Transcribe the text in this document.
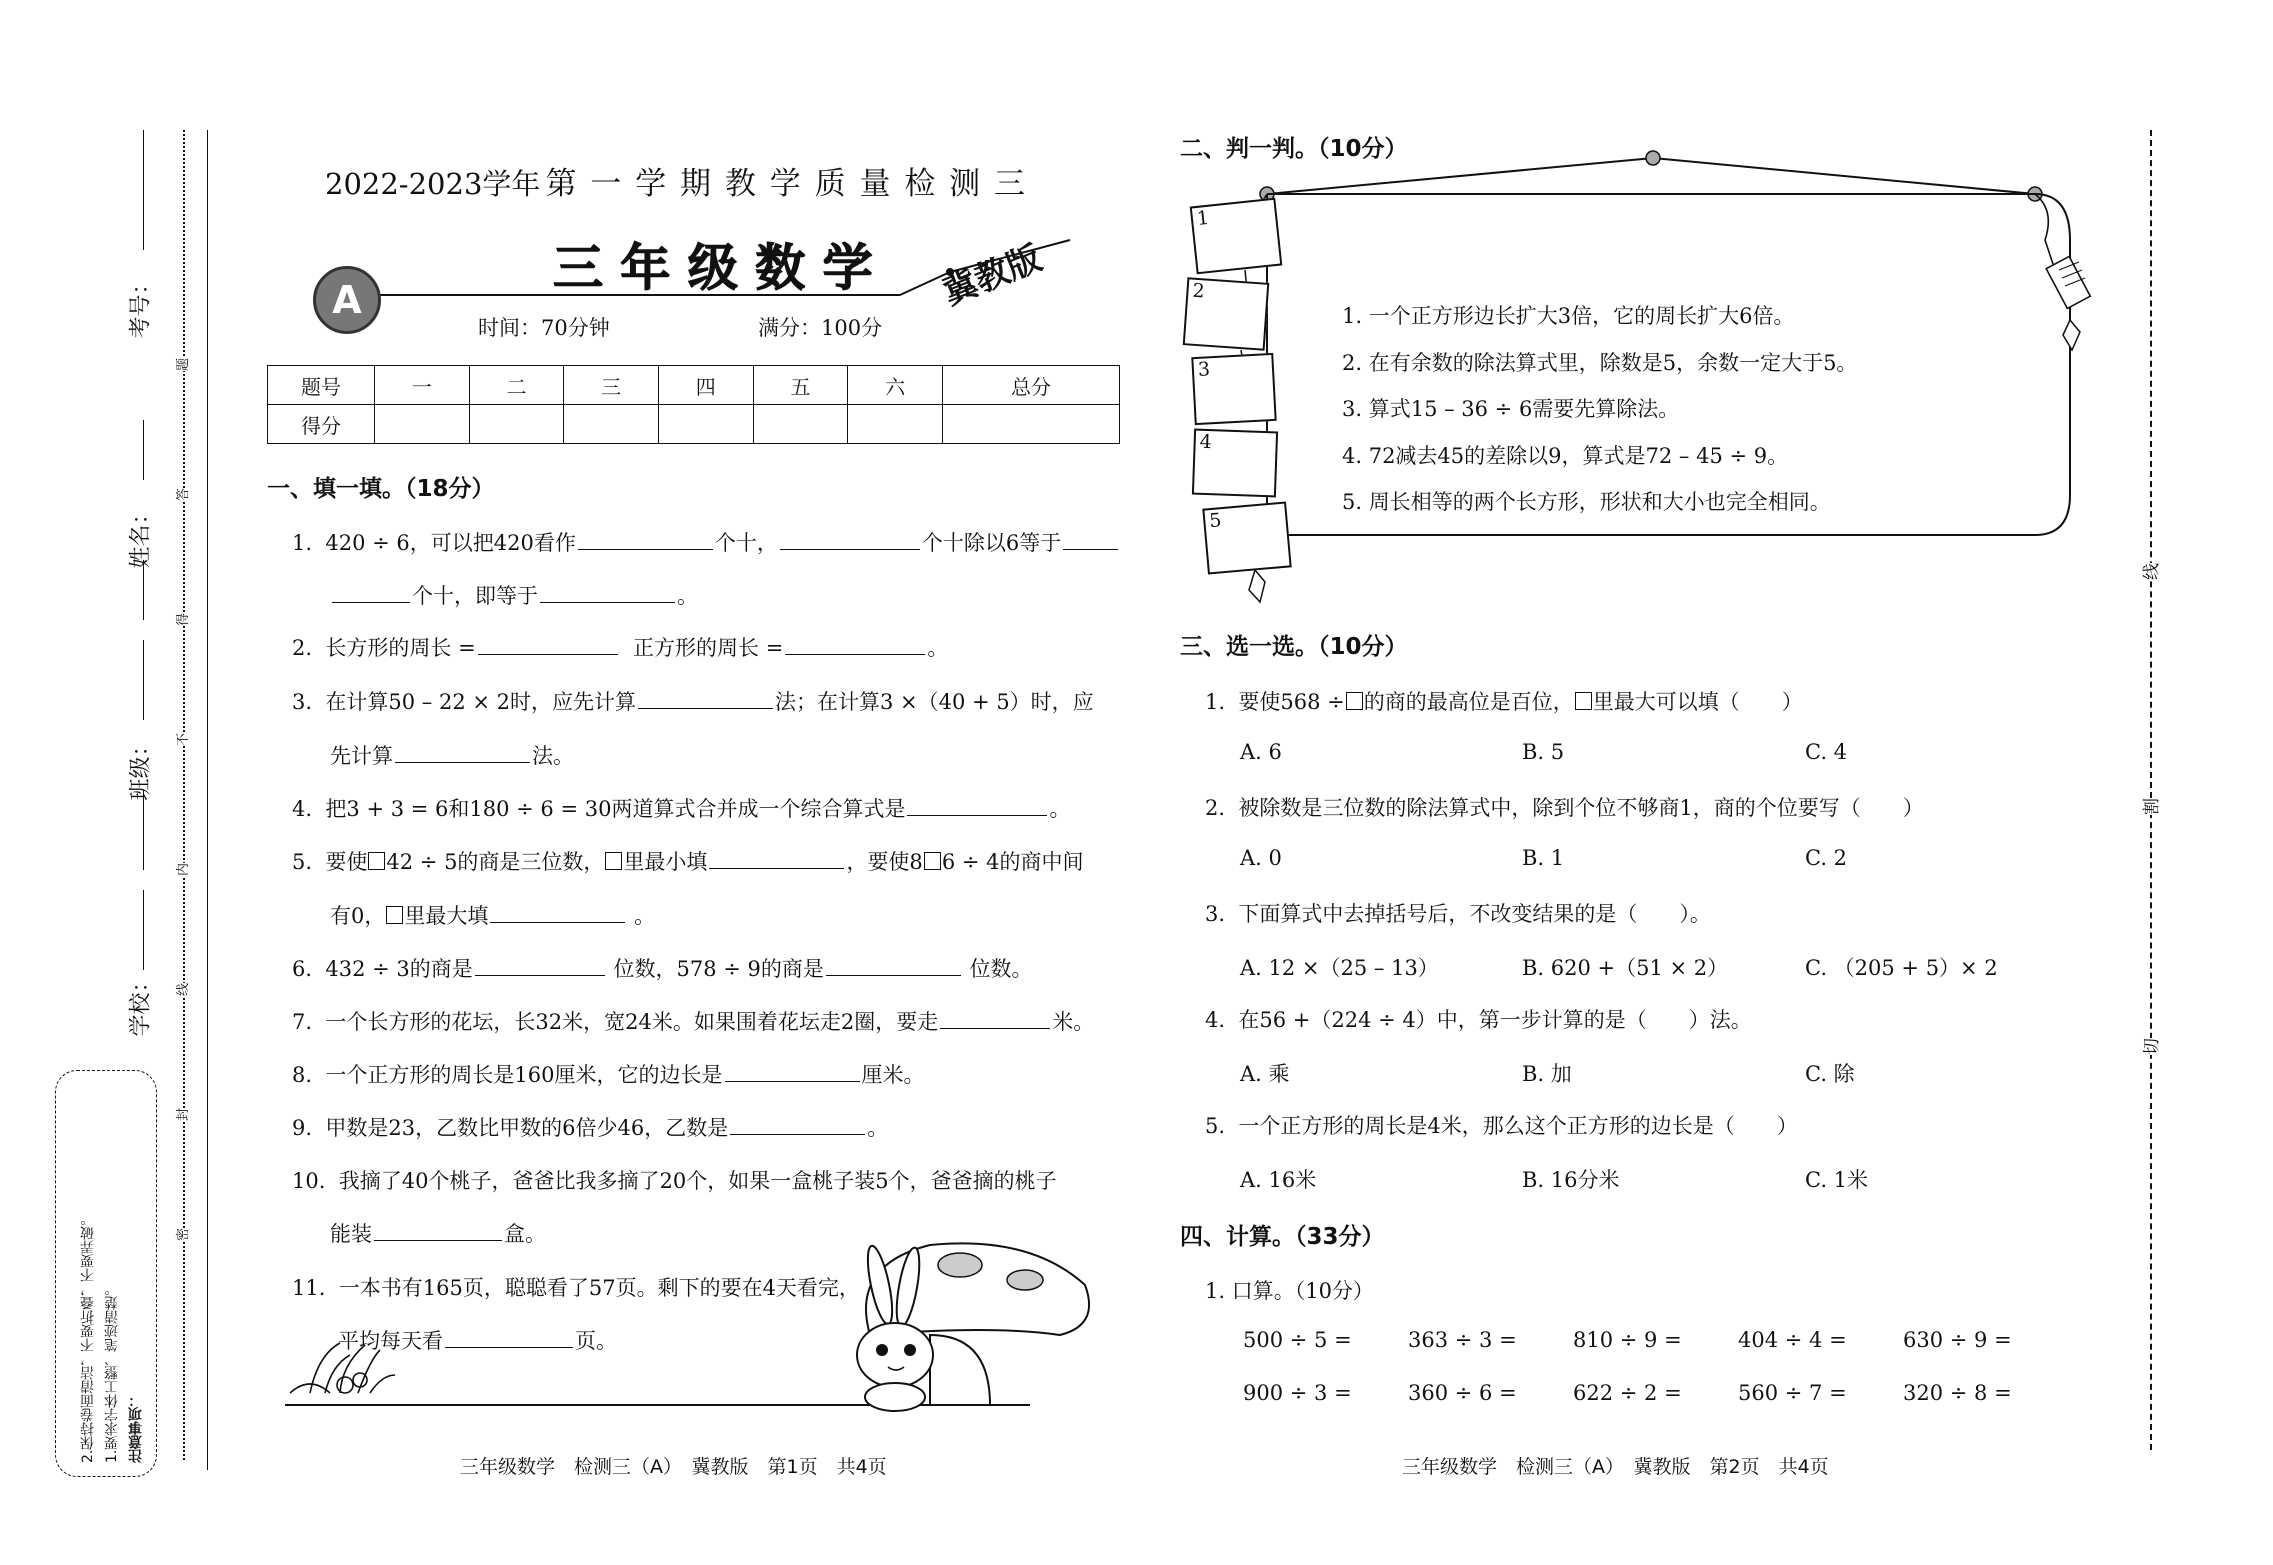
考号：
姓名：
班级：
学校：
题
答
得
不
内
线
封
密
注意事项：
1.要求字体工整、笔迹清楚。
2.保持卷面清洁，不要折叠，不要弄破。
线
割
切
2022-2023学年 第 一 学 期 教 学 质 量 检 测 三
A
三 年 级 数 学 冀教版
时间：70分钟	满分：100分
题号	一	二	三	四	五	六	总分
得分							
一、填一填。（18分）
1. 420 ÷ 6，可以把420看作	个十，	个十除以6等于
个十，即等于	。
2. 长方形的周长 =	正方形的周长 =	。
3. 在计算50 – 22 × 2时，应先计算	法；在计算3 ×（40 + 5）时，应
先计算	法。
4. 把3 + 3 = 6和180 ÷ 6 = 30两道算式合并成一个综合算式是	。
5. 要使 42 ÷ 5的商是三位数， 里最小填	，要使8 6 ÷ 4的商中间
有0， 里最大填	。
6. 432 ÷ 3的商是	位数，578 ÷ 9的商是	位数。
7. 一个长方形的花坛，长32米，宽24米。如果围着花坛走2圈，要走	米。
8. 一个正方形的周长是160厘米，它的边长是	厘米。
9. 甲数是23，乙数比甲数的6倍少46，乙数是	。
10. 我摘了40个桃子，爸爸比我多摘了20个，如果一盒桃子装5个，爸爸摘的桃子
能装	盒。
11. 一本书有165页，聪聪看了57页。剩下的要在4天看完，
平均每天看	页。
二、判一判。（10分）
1
2
3
4
5
1. 一个正方形边长扩大3倍，它的周长扩大6倍。
2. 在有余数的除法算式里，除数是5，余数一定大于5。
3. 算式15 – 36 ÷ 6需要先算除法。
4. 72减去45的差除以9，算式是72 – 45 ÷ 9。
5. 周长相等的两个长方形，形状和大小也完全相同。
三、选一选。（10分）
1. 要使568 ÷ 的商的最高位是百位， 里最大可以填（　　）
A. 6	B. 5	C. 4
2. 被除数是三位数的除法算式中，除到个位不够商1，商的个位要写（　　）
A. 0	B. 1	C. 2
3. 下面算式中去掉括号后，不改变结果的是（　　）。
A. 12 ×（25 – 13）	B. 620 +（51 × 2）	C. （205 + 5）× 2
4. 在56 +（224 ÷ 4）中，第一步计算的是（　　）法。
A. 乘	B. 加	C. 除
5. 一个正方形的周长是4米，那么这个正方形的边长是（　　）
A. 16米	B. 16分米	C. 1米
四、计算。（33分）
1. 口算。（10分）
500 ÷ 5 =	363 ÷ 3 =	810 ÷ 9 =	404 ÷ 4 =	630 ÷ 9 =
900 ÷ 3 =	360 ÷ 6 =	622 ÷ 2 =	560 ÷ 7 =	320 ÷ 8 =
三年级数学　检测三（A）　冀教版　第1页　共4页	三年级数学　检测三（A）　冀教版　第2页　共4页
